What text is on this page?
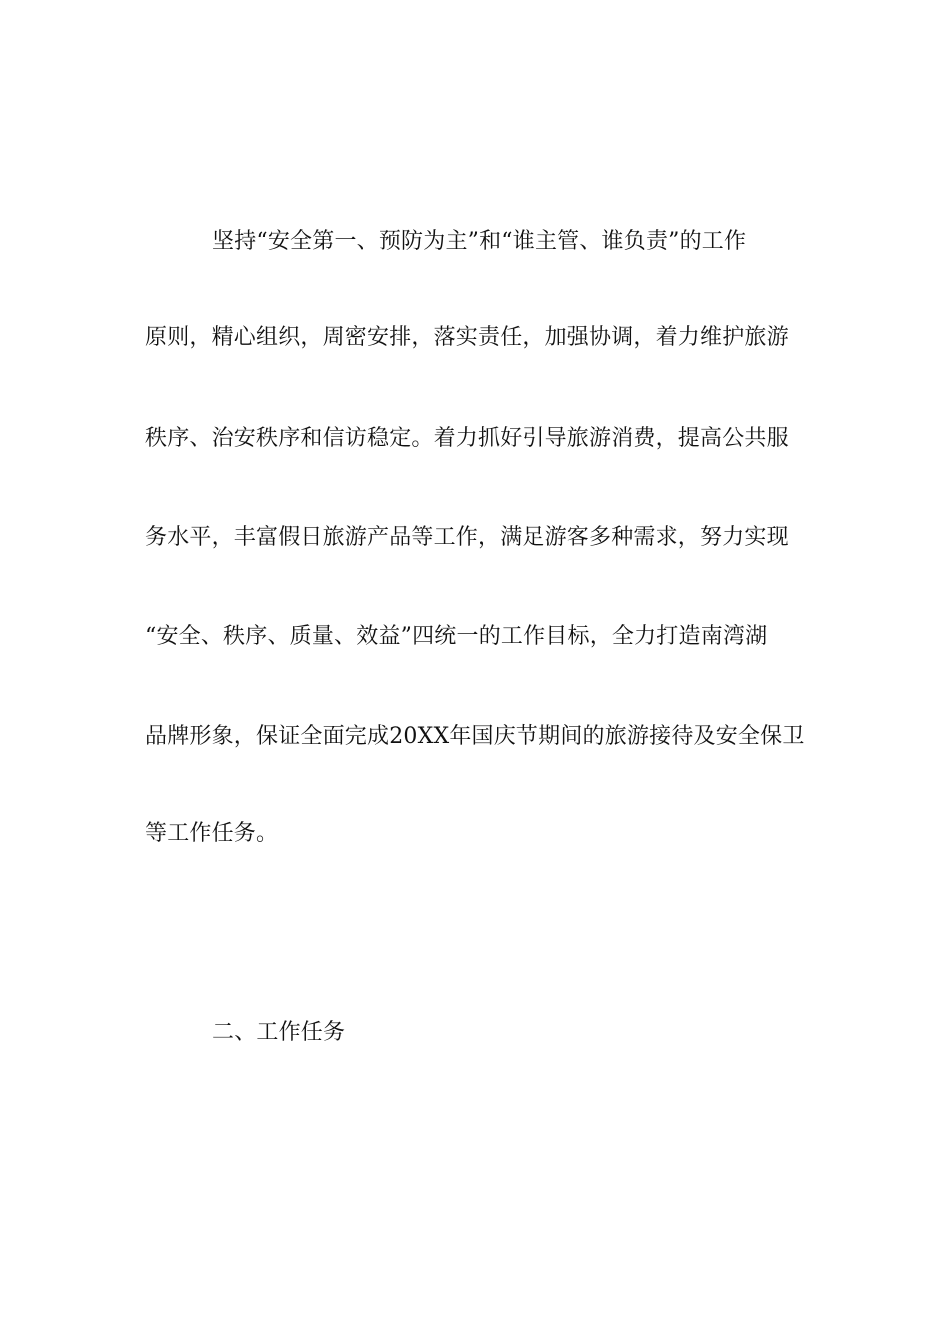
坚持“安全第一、预防为主”和“谁主管、谁负责”的工作
原则，精心组织，周密安排，落实责任，加强协调，着力维护旅游
秩序、治安秩序和信访稳定。着力抓好引导旅游消费，提高公共服
务水平，丰富假日旅游产品等工作，满足游客多种需求，努力实现
“安全、秩序、质量、效益”四统一的工作目标，全力打造南湾湖
品牌形象，保证全面完成20XX年国庆节期间的旅游接待及安全保卫
等工作任务。
二、工作任务
